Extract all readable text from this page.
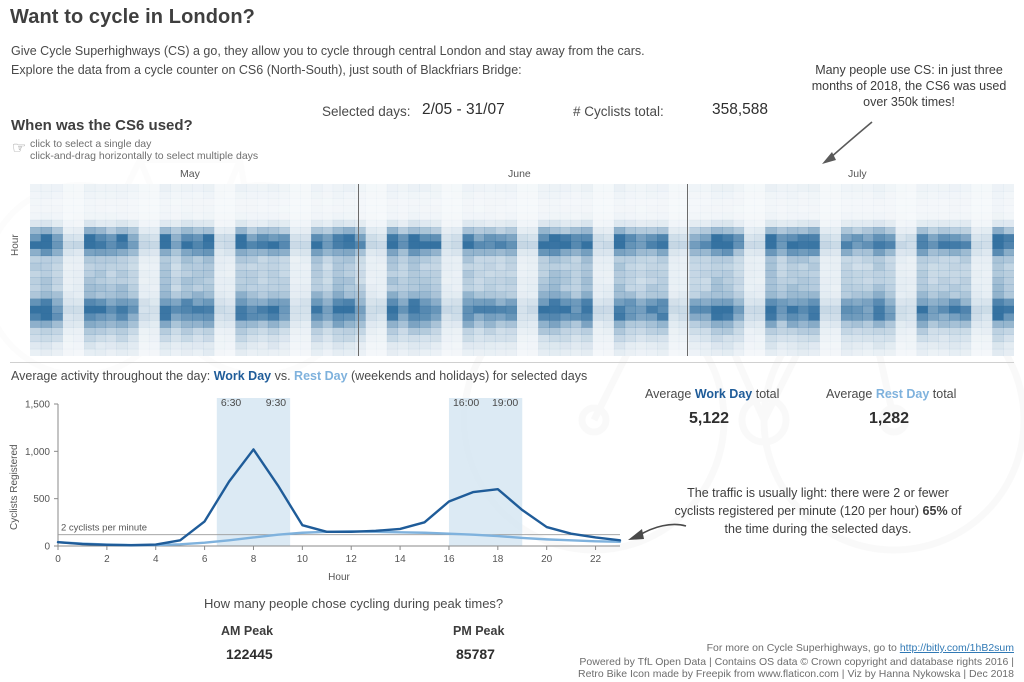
Want to cycle in London?
Give Cycle Superhighways (CS) a go, they allow you to cycle through central London and stay away from the cars.
Explore the data from a cycle counter on CS6 (North-South), just south of Blackfriars Bridge:	Many people use CS: in just three months of 2018, the CS6 was used over 350k times!
Selected days: 2/05 - 31/07	# Cyclists total:	358,588
When was the CS6 used?
☞ click to select a single day
click-and-drag horizontally to select multiple days
May	June	July
Hour
Average activity throughout the day: Work Day vs. Rest Day (weekends and holidays) for selected days
Average Work Day total	Average Rest Day total
5,122	1,282
6:30 9:30	16:00 19:00
0
500
1,000
1,500
0	2	4	6	8	10	12	14	16	18	20	22
Hour
2 cyclists per minute
Cyclists Registered	The traffic is usually light: there were 2 or fewer cyclists registered per minute (120 per hour) 65% of the time during the selected days.
How many people chose cycling during peak times?
AM Peak
122445
PM Peak
85787	For more on Cycle Superhighways, go to http://bitly.com/1hB2sum
Powered by TfL Open Data | Contains OS data © Crown copyright and database rights 2016 |
Retro Bike Icon made by Freepik from www.flaticon.com | Viz by Hanna Nykowska | Dec 2018
